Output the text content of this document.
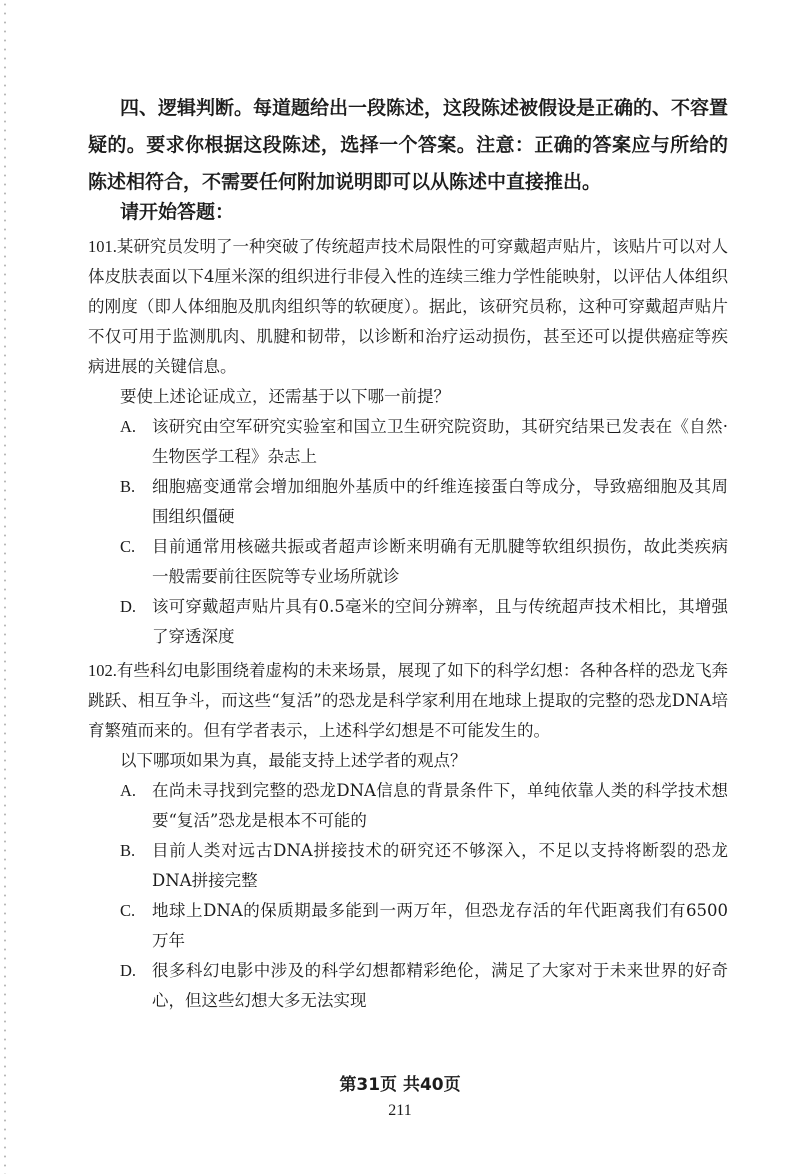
四、逻辑判断。每道题给出一段陈述，这段陈述被假设是正确的、不容置疑的。要求你根据这段陈述，选择一个答案。注意：正确的答案应与所给的陈述相符合，不需要任何附加说明即可以从陈述中直接推出。

请开始答题：

101.某研究员发明了一种突破了传统超声技术局限性的可穿戴超声贴片，该贴片可以对人体皮肤表面以下4厘米深的组织进行非侵入性的连续三维力学性能映射，以评估人体组织的刚度（即人体细胞及肌肉组织等的软硬度）。据此，该研究员称，这种可穿戴超声贴片不仅可用于监测肌肉、肌腱和韧带，以诊断和治疗运动损伤，甚至还可以提供癌症等疾病进展的关键信息。

要使上述论证成立，还需基于以下哪一前提？

A. 该研究由空军研究实验室和国立卫生研究院资助，其研究结果已发表在《自然·生物医学工程》杂志上
B. 细胞癌变通常会增加细胞外基质中的纤维连接蛋白等成分，导致癌细胞及其周围组织僵硬
C. 目前通常用核磁共振或者超声诊断来明确有无肌腱等软组织损伤，故此类疾病一般需要前往医院等专业场所就诊
D. 该可穿戴超声贴片具有0.5毫米的空间分辨率，且与传统超声技术相比，其增强了穿透深度

102.有些科幻电影围绕着虚构的未来场景，展现了如下的科学幻想：各种各样的恐龙飞奔跳跃、相互争斗，而这些“复活”的恐龙是科学家利用在地球上提取的完整的恐龙DNA培育繁殖而来的。但有学者表示，上述科学幻想是不可能发生的。

以下哪项如果为真，最能支持上述学者的观点？

A. 在尚未寻找到完整的恐龙DNA信息的背景条件下，单纯依靠人类的科学技术想要“复活”恐龙是根本不可能的
B. 目前人类对远古DNA拼接技术的研究还不够深入，不足以支持将断裂的恐龙DNA拼接完整
C. 地球上DNA的保质期最多能到一两万年，但恐龙存活的年代距离我们有6500万年
D. 很多科幻电影中涉及的科学幻想都精彩绝伦，满足了大家对于未来世界的好奇心，但这些幻想大多无法实现
第31页 共40页
211
